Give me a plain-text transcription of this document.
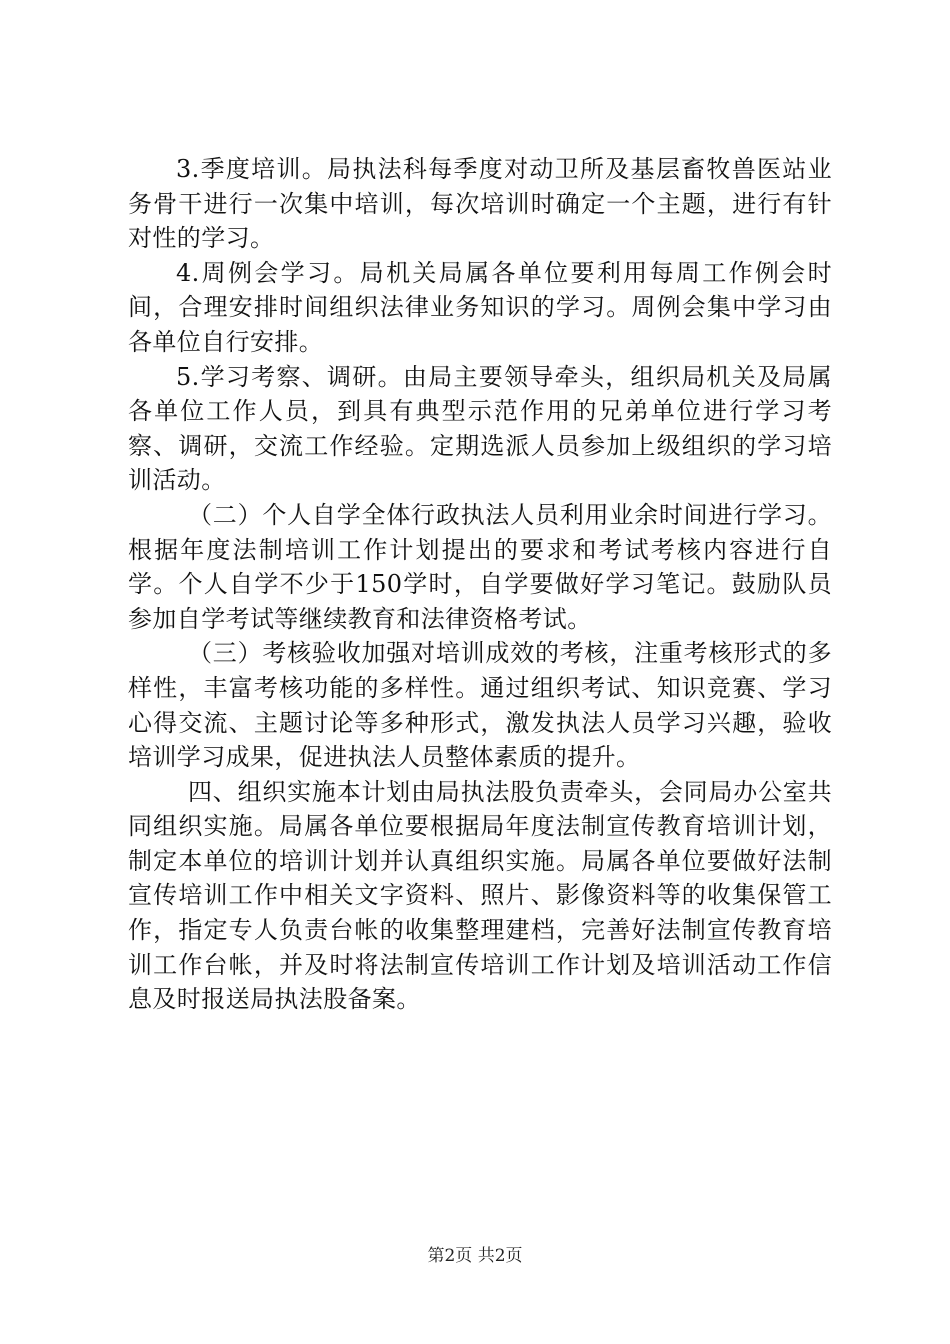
3.季度培训。局执法科每季度对动卫所及基层畜牧兽医站业务骨干进行一次集中培训，每次培训时确定一个主题，进行有针对性的学习。

4.周例会学习。局机关局属各单位要利用每周工作例会时间，合理安排时间组织法律业务知识的学习。周例会集中学习由各单位自行安排。

5.学习考察、调研。由局主要领导牵头，组织局机关及局属各单位工作人员，到具有典型示范作用的兄弟单位进行学习考察、调研，交流工作经验。定期选派人员参加上级组织的学习培训活动。

（二）个人自学全体行政执法人员利用业余时间进行学习。根据年度法制培训工作计划提出的要求和考试考核内容进行自学。个人自学不少于150学时，自学要做好学习笔记。鼓励队员参加自学考试等继续教育和法律资格考试。

（三）考核验收加强对培训成效的考核，注重考核形式的多样性，丰富考核功能的多样性。通过组织考试、知识竞赛、学习心得交流、主题讨论等多种形式，激发执法人员学习兴趣，验收培训学习成果，促进执法人员整体素质的提升。

四、组织实施本计划由局执法股负责牵头，会同局办公室共同组织实施。局属各单位要根据局年度法制宣传教育培训计划，制定本单位的培训计划并认真组织实施。局属各单位要做好法制宣传培训工作中相关文字资料、照片、影像资料等的收集保管工作，指定专人负责台帐的收集整理建档，完善好法制宣传教育培训工作台帐，并及时将法制宣传培训工作计划及培训活动工作信息及时报送局执法股备案。

第2页 共2页
